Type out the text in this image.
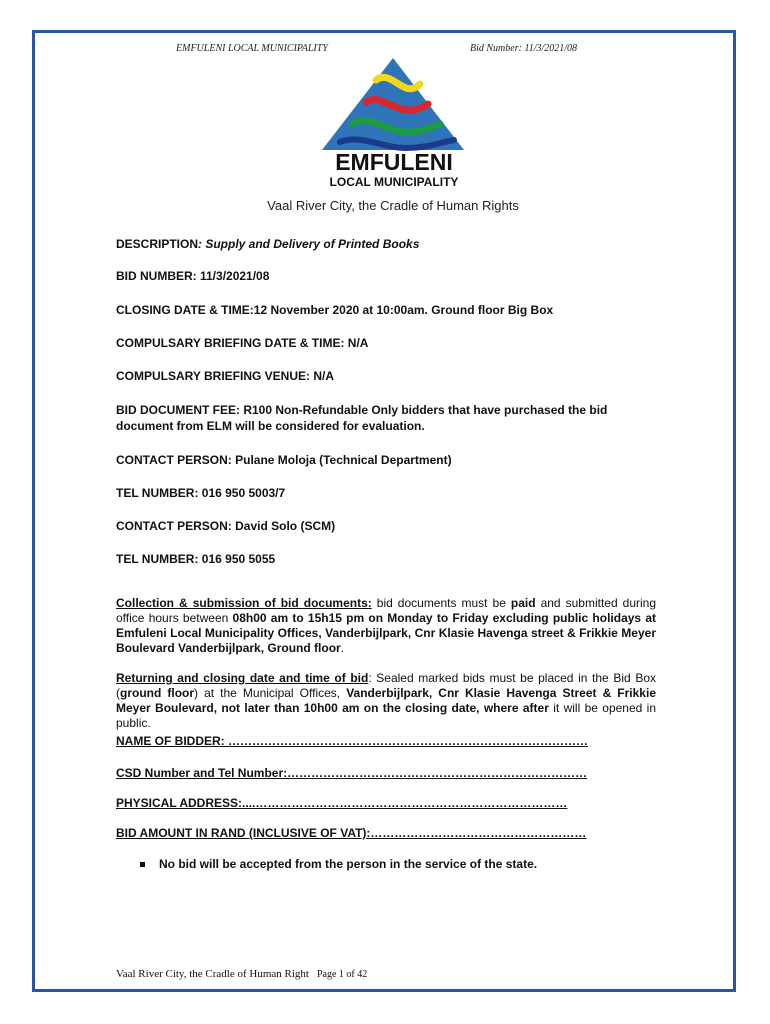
EMFULENI LOCAL MUNICIPALITY	Bid Number: 11/3/2021/08
EMFULENI
LOCAL MUNICIPALITY
Vaal River City, the Cradle of Human Rights

DESCRIPTION: Supply and Delivery of Printed Books

BID NUMBER: 11/3/2021/08

CLOSING DATE & TIME:12 November 2020 at 10:00am. Ground floor Big Box

COMPULSARY BRIEFING DATE & TIME: N/A

COMPULSARY BRIEFING VENUE: N/A

BID DOCUMENT FEE: R100 Non-Refundable Only bidders that have purchased the bid document from ELM will be considered for evaluation.

CONTACT PERSON: Pulane Moloja (Technical Department)

TEL NUMBER: 016 950 5003/7

CONTACT PERSON: David Solo (SCM)

TEL NUMBER: 016 950 5055

Collection & submission of bid documents: bid documents must be paid and submitted during office hours between 08h00 am to 15h15 pm on Monday to Friday excluding public holidays at Emfuleni Local Municipality Offices, Vanderbijlpark, Cnr Klasie Havenga street & Frikkie Meyer Boulevard Vanderbijlpark, Ground floor.

Returning and closing date and time of bid: Sealed marked bids must be placed in the Bid Box (ground floor) at the Municipal Offices, Vanderbijlpark, Cnr Klasie Havenga Street & Frikkie Meyer Boulevard, not later than 10h00 am on the closing date, where after it will be opened in public.

NAME OF BIDDER: ………………………………………………………………………………
CSD Number and Tel Number:…………………………………………………………………
PHYSICAL ADDRESS:....……………………………………………………………………
BID AMOUNT IN RAND (INCLUSIVE OF VAT):………………………………………………
No bid will be accepted from the person in the service of the state.
Vaal River City, the Cradle of Human Right Page 1 of 42
